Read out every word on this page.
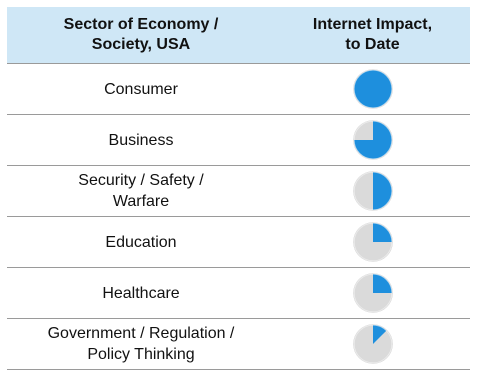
Sector of Economy /
Society, USA
Internet Impact,
to Date
Consumer
Business
Security / Safety /
Warfare
Education
Healthcare
Government / Regulation /
Policy Thinking
